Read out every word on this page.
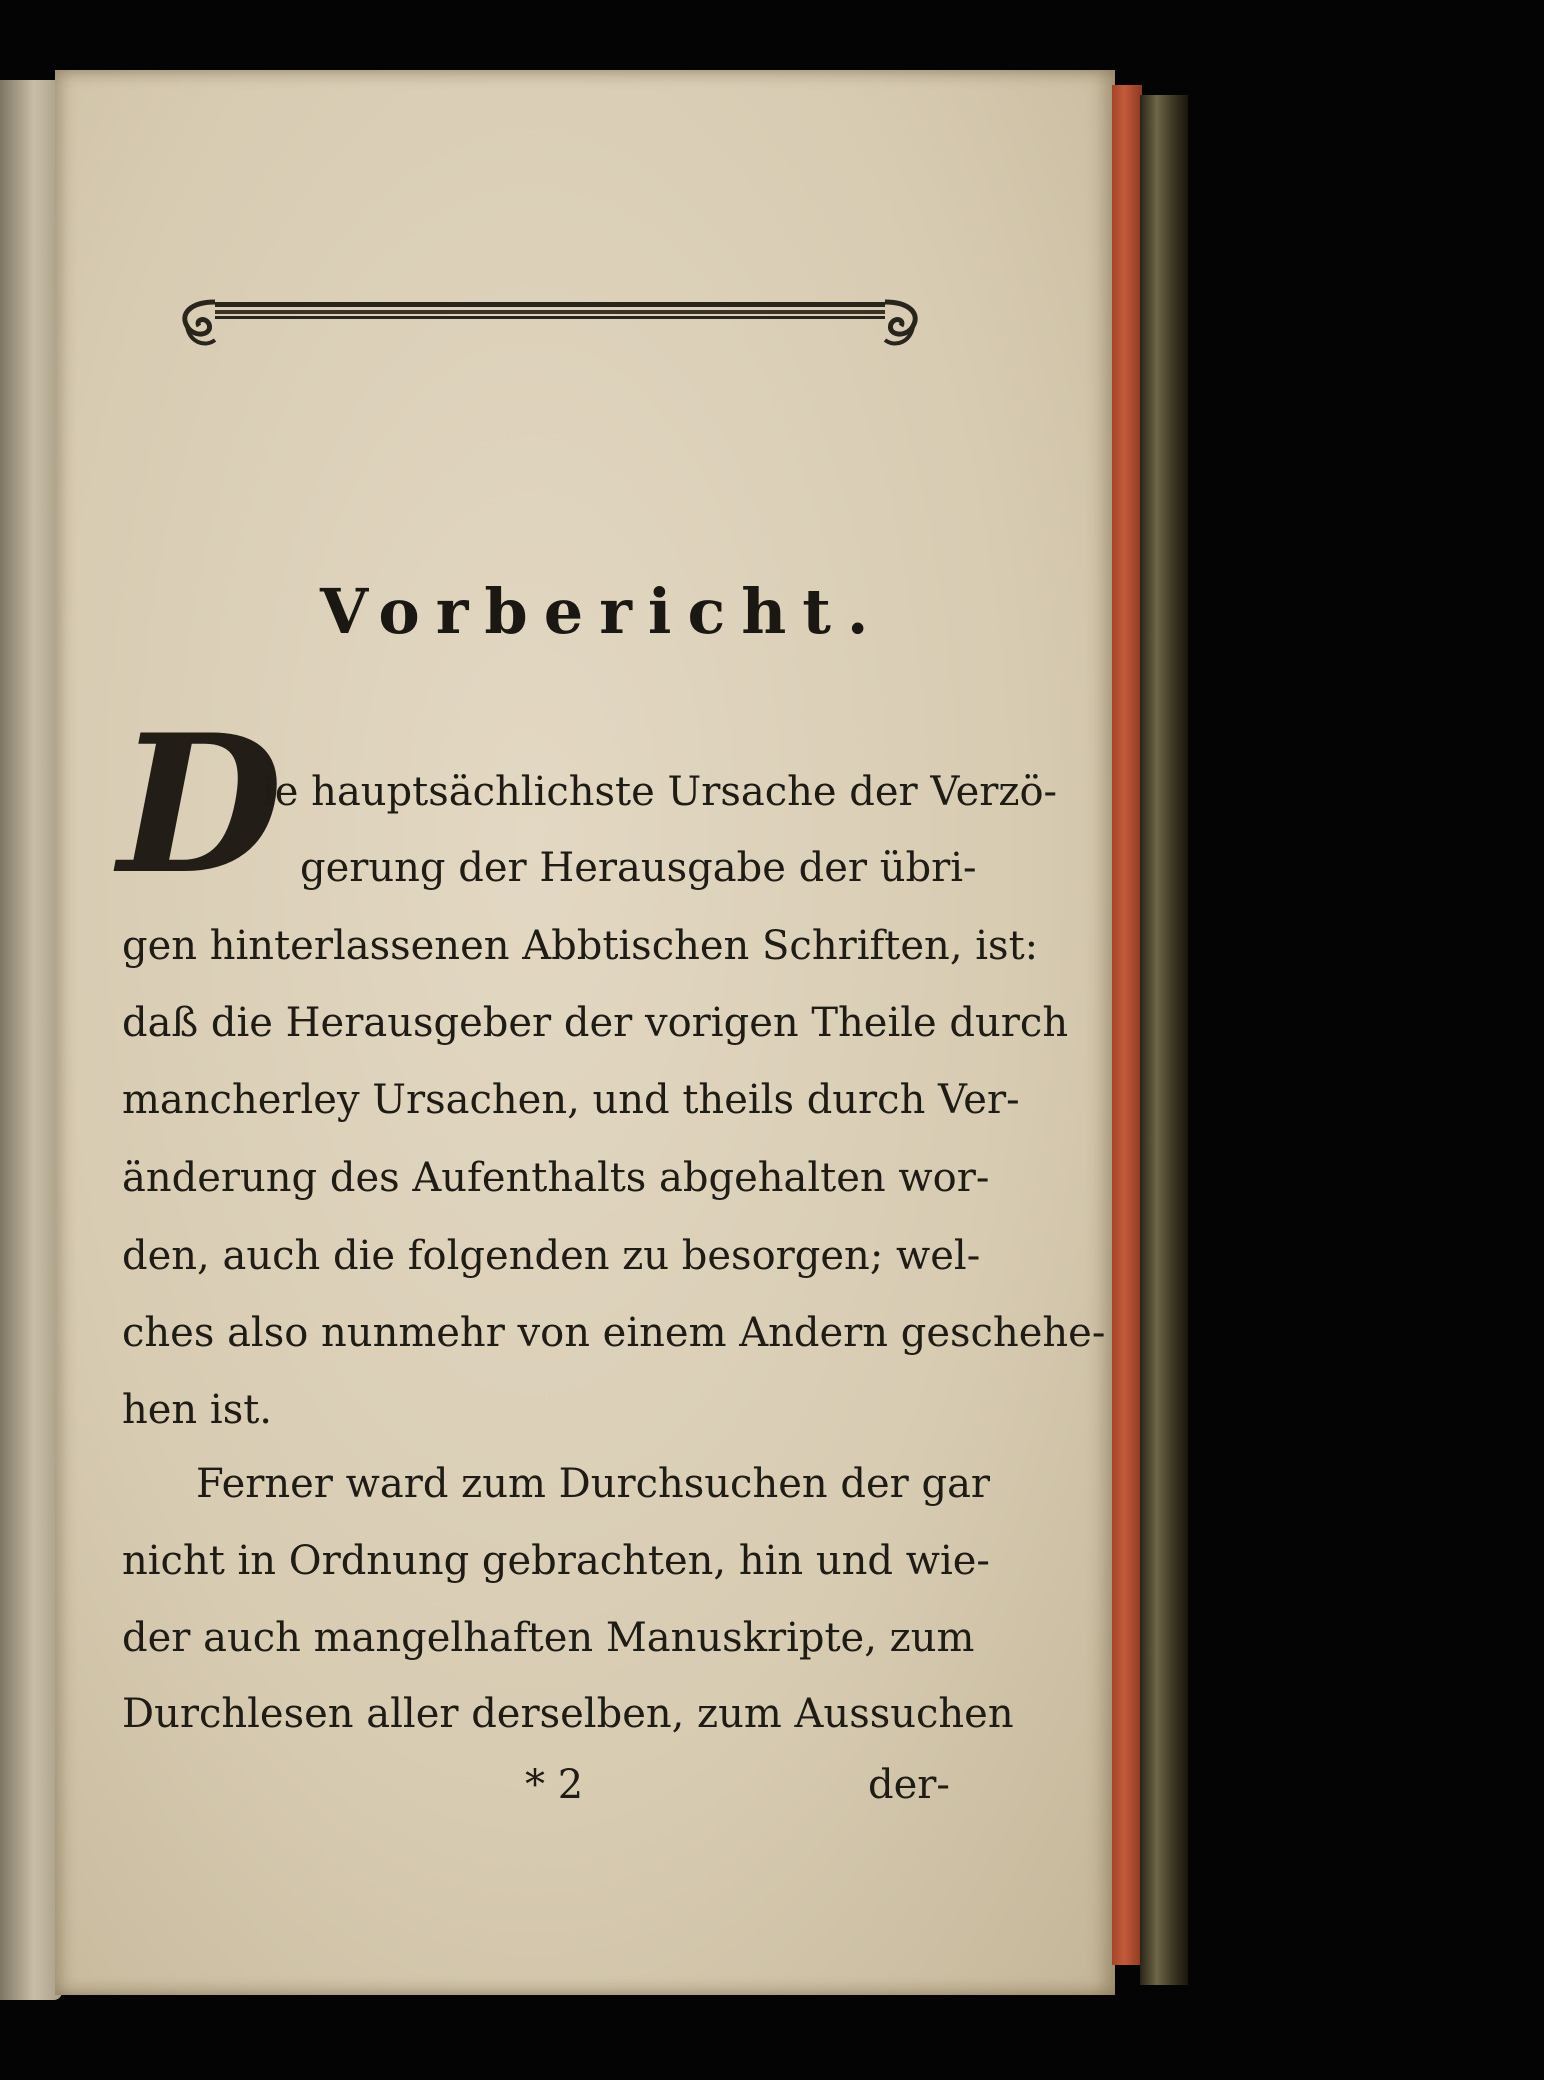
Vorbericht.
D
ie hauptsächlichste Ursache der Verzö-
gerung der Herausgabe der übri-
gen hinterlassenen Abbtischen Schriften, ist:
daß die Herausgeber der vorigen Theile durch
mancherley Ursachen, und theils durch Ver-
änderung des Aufenthalts abgehalten wor-
den, auch die folgenden zu besorgen; wel-
ches also nunmehr von einem Andern geschehe-
hen ist.
Ferner ward zum Durchsuchen der gar
nicht in Ordnung gebrachten, hin und wie-
der auch mangelhaften Manuskripte, zum
Durchlesen aller derselben, zum Aussuchen
* 2	der-
